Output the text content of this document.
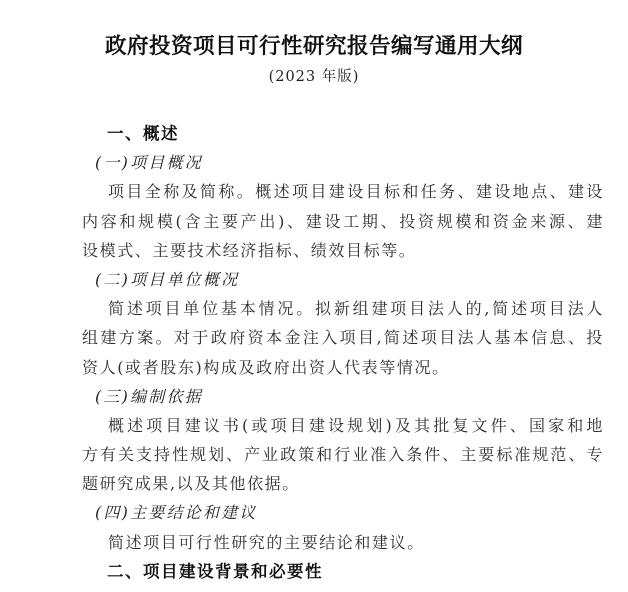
政府投资项目可行性研究报告编写通用大纲
(2023 年版)
一、概述
(一)项目概况
项目全称及简称。概述项目建设目标和任务、建设地点、建设
内容和规模(含主要产出)、建设工期、投资规模和资金来源、建
设模式、主要技术经济指标、绩效目标等。
(二)项目单位概况
简述项目单位基本情况。拟新组建项目法人的,简述项目法人
组建方案。对于政府资本金注入项目,简述项目法人基本信息、投
资人(或者股东)构成及政府出资人代表等情况。
(三)编制依据
概述项目建议书(或项目建设规划)及其批复文件、国家和地
方有关支持性规划、产业政策和行业准入条件、主要标准规范、专
题研究成果,以及其他依据。
(四)主要结论和建议
简述项目可行性研究的主要结论和建议。
二、项目建设背景和必要性
